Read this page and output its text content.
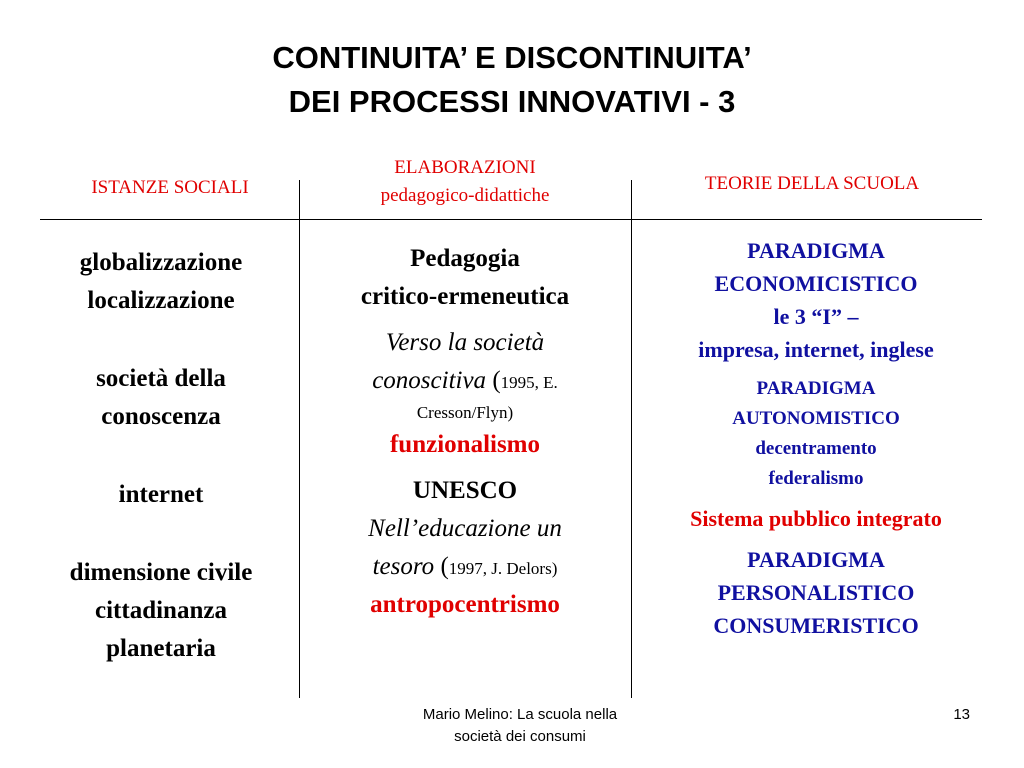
CONTINUITA’ E DISCONTINUITA’
DEI PROCESSI INNOVATIVI - 3
ISTANZE SOCIALI
ELABORAZIONI
pedagogico-didattiche
TEORIE DELLA SCUOLA
globalizzazione
localizzazione
società della
conoscenza
internet
dimensione civile
cittadinanza
planetaria
Pedagogia
critico-ermeneutica
Verso la società
conoscitiva (1995, E.
Cresson/Flyn)
funzionalismo
UNESCO
Nell’educazione un
tesoro (1997, J. Delors)
antropocentrismo
PARADIGMA
ECONOMICISTICO
le 3 “I” –
impresa, internet, inglese
PARADIGMA
AUTONOMISTICO
decentramento
federalismo
Sistema pubblico integrato
PARADIGMA
PERSONALISTICO
CONSUMERISTICO
Mario Melino: La scuola nella
società dei consumi
13
